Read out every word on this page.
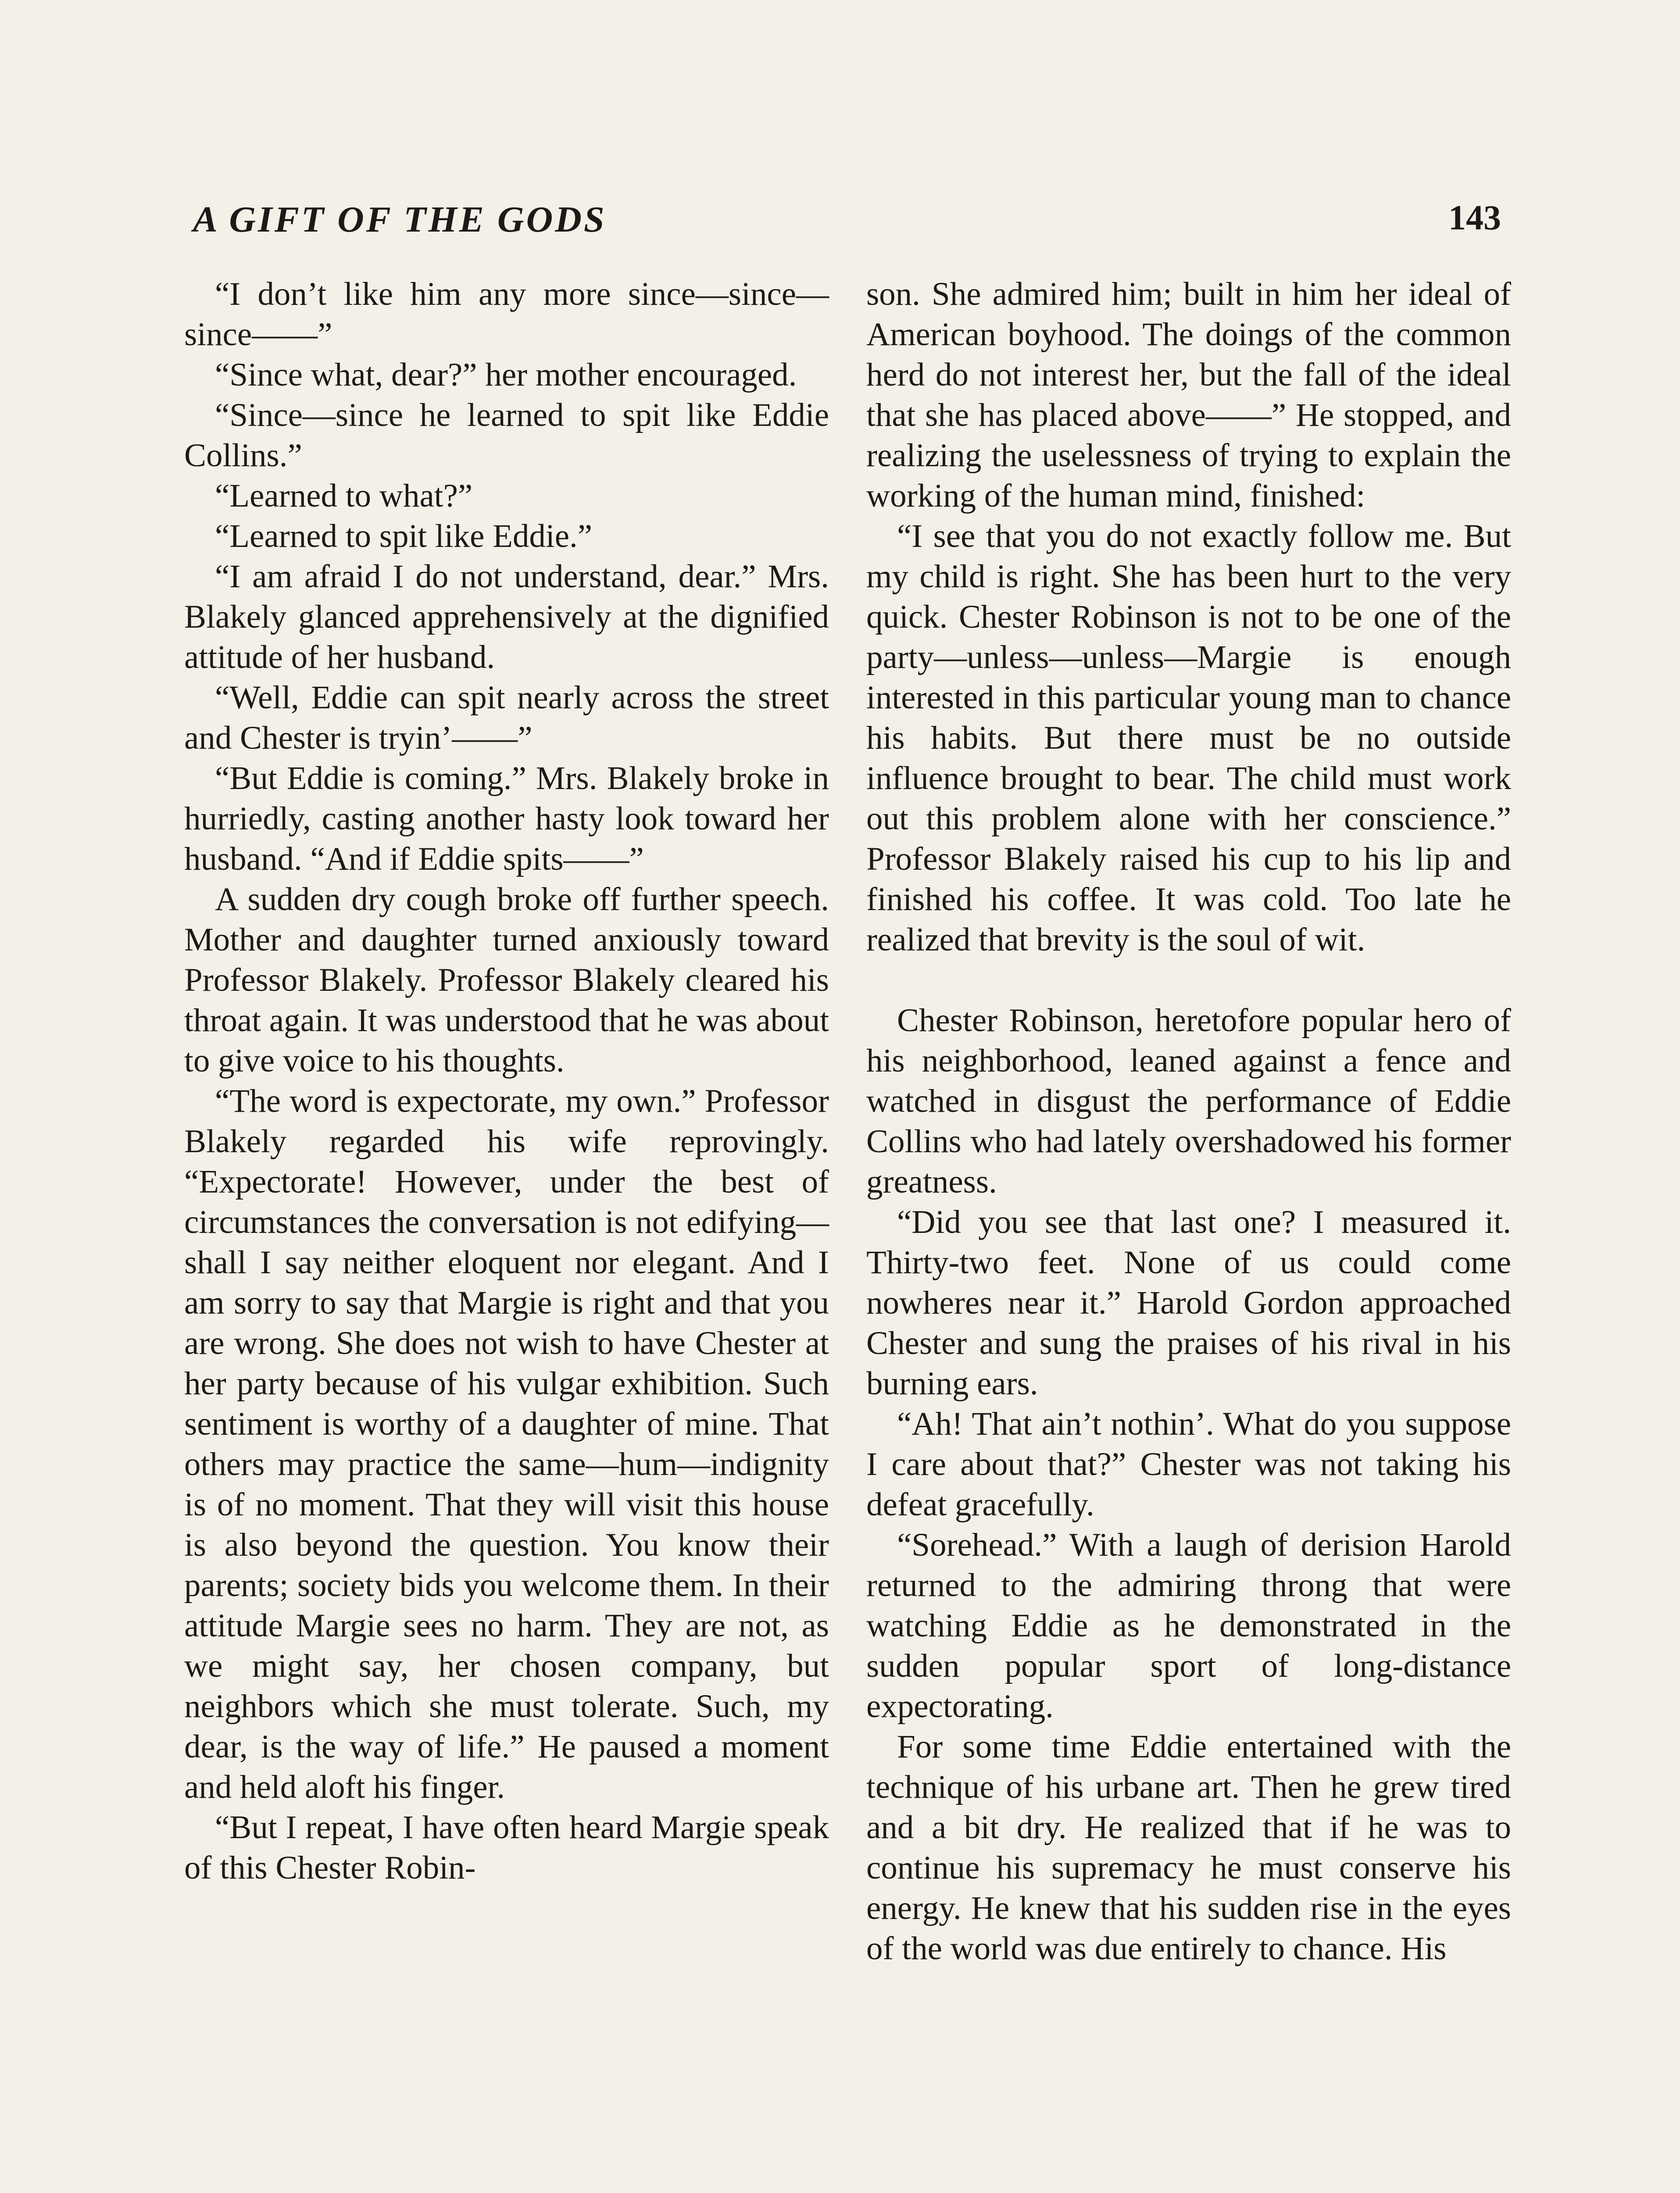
A GIFT OF THE GODS	143

“I don’t like him any more since—since—since——”

“Since what, dear?” her mother encouraged.

“Since—since he learned to spit like Eddie Collins.”

“Learned to what?”

“Learned to spit like Eddie.”

“I am afraid I do not understand, dear.” Mrs. Blakely glanced apprehensively at the dignified attitude of her husband.

“Well, Eddie can spit nearly across the street and Chester is tryin’——”

“But Eddie is coming.” Mrs. Blakely broke in hurriedly, casting another hasty look toward her husband. “And if Eddie spits——”

A sudden dry cough broke off further speech. Mother and daughter turned anxiously toward Professor Blakely. Professor Blakely cleared his throat again. It was understood that he was about to give voice to his thoughts.

“The word is expectorate, my own.” Professor Blakely regarded his wife reprovingly. “Expectorate! However, under the best of circumstances the conversation is not edifying—shall I say neither eloquent nor elegant. And I am sorry to say that Margie is right and that you are wrong. She does not wish to have Chester at her party because of his vulgar exhibition. Such sentiment is worthy of a daughter of mine. That others may practice the same—hum—indignity is of no moment. That they will visit this house is also beyond the question. You know their parents; society bids you welcome them. In their attitude Margie sees no harm. They are not, as we might say, her chosen company, but neighbors which she must tolerate. Such, my dear, is the way of life.” He paused a moment and held aloft his finger.

“But I repeat, I have often heard Margie speak of this Chester Robin-

son. She admired him; built in him her ideal of American boyhood. The doings of the common herd do not interest her, but the fall of the ideal that she has placed above——” He stopped, and realizing the uselessness of trying to explain the working of the human mind, finished:

“I see that you do not exactly follow me. But my child is right. She has been hurt to the very quick. Chester Robinson is not to be one of the party—unless—unless—Margie is enough interested in this particular young man to chance his habits. But there must be no outside influence brought to bear. The child must work out this problem alone with her conscience.” Professor Blakely raised his cup to his lip and finished his coffee. It was cold. Too late he realized that brevity is the soul of wit.

Chester Robinson, heretofore popular hero of his neighborhood, leaned against a fence and watched in disgust the performance of Eddie Collins who had lately overshadowed his former greatness.

“Did you see that last one? I measured it. Thirty-two feet. None of us could come nowheres near it.” Harold Gordon approached Chester and sung the praises of his rival in his burning ears.

“Ah! That ain’t nothin’. What do you suppose I care about that?” Chester was not taking his defeat gracefully.

“Sorehead.” With a laugh of derision Harold returned to the admiring throng that were watching Eddie as he demonstrated in the sudden popular sport of long-distance expectorating.

For some time Eddie entertained with the technique of his urbane art. Then he grew tired and a bit dry. He realized that if he was to continue his supremacy he must conserve his energy. He knew that his sudden rise in the eyes of the world was due entirely to chance. His
